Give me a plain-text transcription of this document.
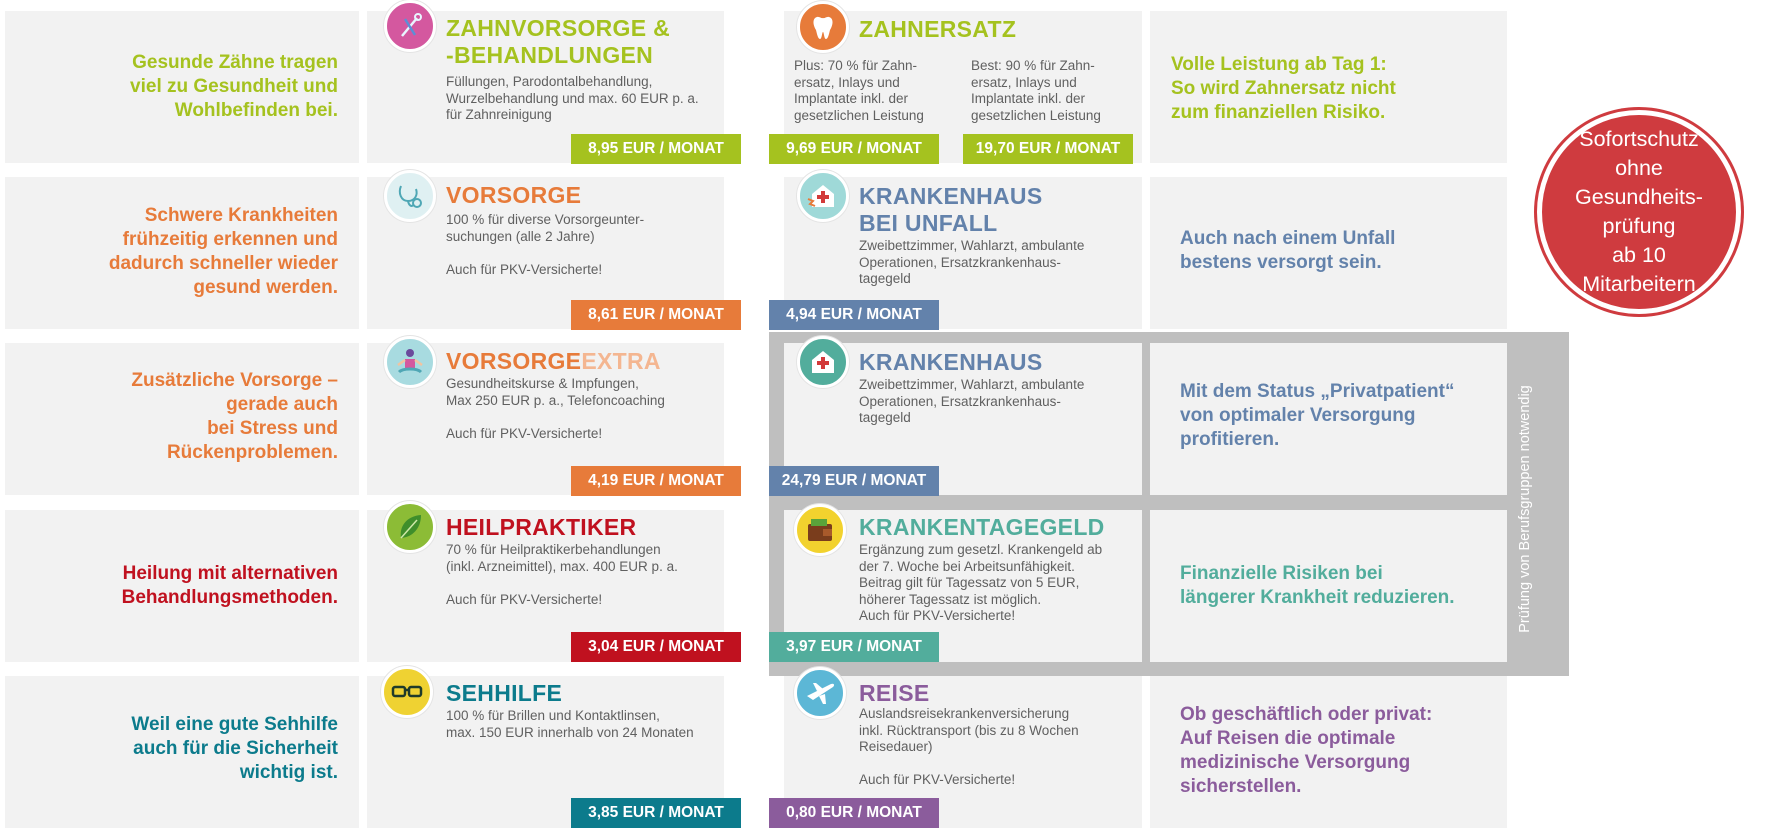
Prüfung von Berufsgruppen notwendig
Gesunde Zähne tragen
viel zu Gesundheit und
Wohlbefinden bei.
Schwere Krankheiten
frühzeitig erkennen und
dadurch schneller wieder
gesund werden.
Zusätzliche Vorsorge –
gerade auch
bei Stress und
Rückenproblemen.
Heilung mit alternativen
Behandlungsmethoden.
Weil eine gute Sehhilfe
auch für die Sicherheit
wichtig ist.
ZAHNVORSORGE &
-BEHANDLUNGEN
Füllungen, Parodontalbehandlung,
Wurzelbehandlung und max. 60 EUR p. a.
für Zahnreinigung
8,95 EUR / MONAT
ZAHNERSATZ
Plus: 70 % für Zahn-
ersatz, Inlays und
Implantate inkl. der
gesetzlichen Leistung
Best: 90 % für Zahn-
ersatz, Inlays und
Implantate inkl. der
gesetzlichen Leistung
9,69 EUR / MONAT	19,70 EUR / MONAT
Volle Leistung ab Tag 1:
So wird Zahnersatz nicht
zum finanziellen Risiko.
VORSORGE
100 % für diverse Vorsorgeunter-
suchungen (alle 2 Jahre)

Auch für PKV-Versicherte!
8,61 EUR / MONAT
KRANKENHAUS
BEI UNFALL
Zweibettzimmer, Wahlarzt, ambulante
Operationen, Ersatzkrankenhaus-
tagegeld
4,94 EUR / MONAT
Auch nach einem Unfall
bestens versorgt sein.
VORSORGEEXTRA
Gesundheitskurse & Impfungen,
Max 250 EUR p. a., Telefoncoaching

Auch für PKV-Versicherte!
4,19 EUR / MONAT
KRANKENHAUS
Zweibettzimmer, Wahlarzt, ambulante
Operationen, Ersatzkrankenhaus-
tagegeld
24,79 EUR / MONAT
Mit dem Status „Privatpatient“
von optimaler Versorgung
profitieren.
HEILPRAKTIKER
70 % für Heilpraktikerbehandlungen
(inkl. Arzneimittel), max. 400 EUR p. a.

Auch für PKV-Versicherte!
3,04 EUR / MONAT
KRANKENTAGEGELD
Ergänzung zum gesetzl. Krankengeld ab
der 7. Woche bei Arbeitsunfähigkeit.
Beitrag gilt für Tagessatz von 5 EUR,
höherer Tagessatz ist möglich.
Auch für PKV-Versicherte!
3,97 EUR / MONAT
Finanzielle Risiken bei
längerer Krankheit reduzieren.
SEHHILFE
100 % für Brillen und Kontaktlinsen,
max. 150 EUR innerhalb von 24 Monaten
3,85 EUR / MONAT
REISE
Auslandsreisekrankenversicherung
inkl. Rücktransport (bis zu 8 Wochen
Reisedauer)

Auch für PKV-Versicherte!
0,80 EUR / MONAT
Ob geschäftlich oder privat:
Auf Reisen die optimale
medizinische Versorgung
sicherstellen.
Sofortschutz
ohne
Gesundheits-
prüfung
ab 10
Mitarbeitern
